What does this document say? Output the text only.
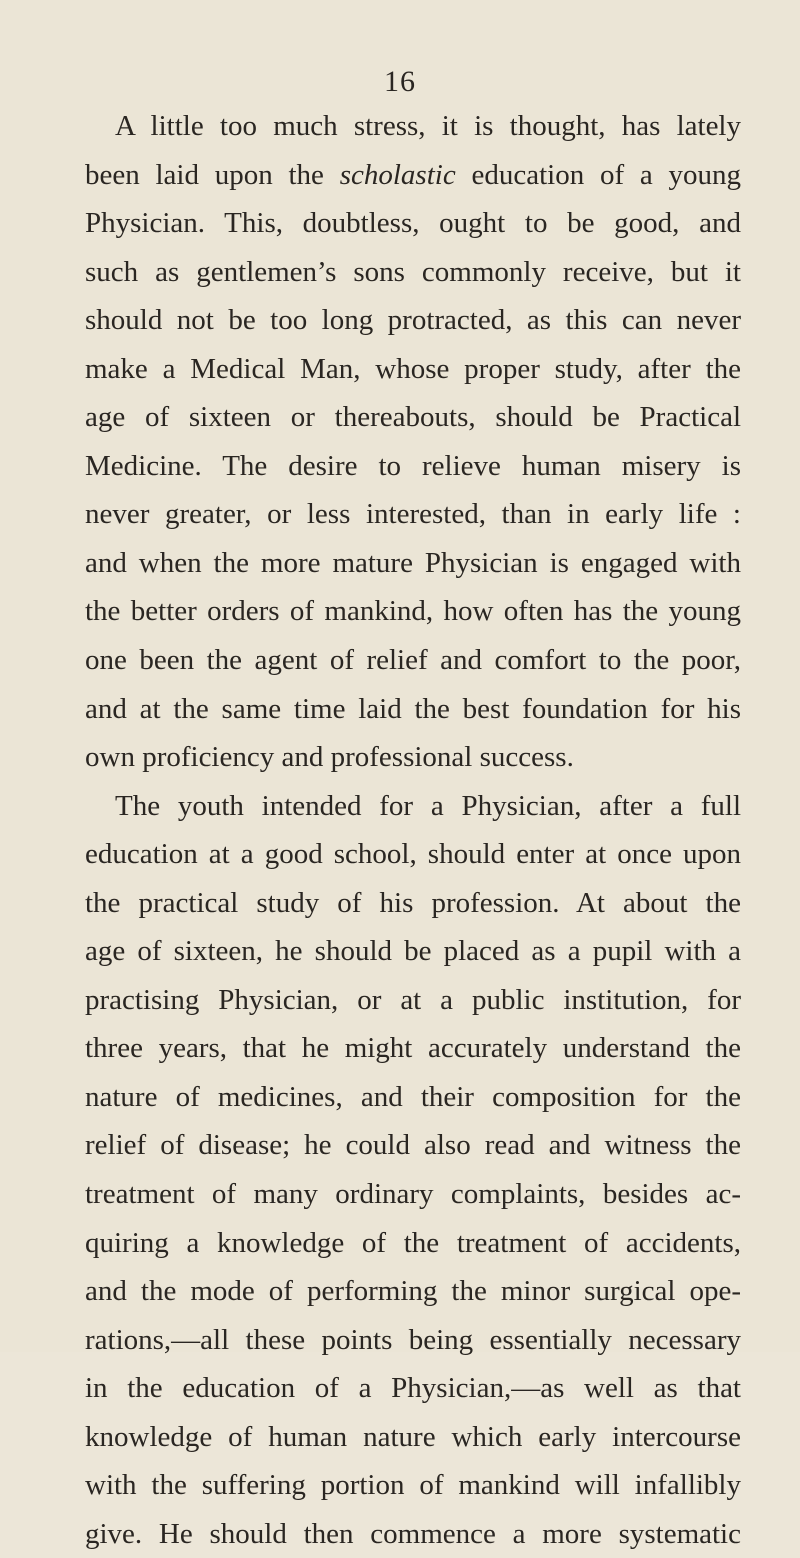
16
A little too much stress, it is thought, has lately
been laid upon the scholastic education of a young
Physician. This, doubtless, ought to be good, and
such as gentlemen’s sons commonly receive, but it
should not be too long protracted, as this can never
make a Medical Man, whose proper study, after the
age of sixteen or thereabouts, should be Practical
Medicine. The desire to relieve human misery is
never greater, or less interested, than in early life :
and when the more mature Physician is engaged with
the better orders of mankind, how often has the young
one been the agent of relief and comfort to the poor,
and at the same time laid the best foundation for his
own proficiency and professional success.
The youth intended for a Physician, after a full
education at a good school, should enter at once upon
the practical study of his profession. At about the
age of sixteen, he should be placed as a pupil with a
practising Physician, or at a public institution, for
three years, that he might accurately understand the
nature of medicines, and their composition for the
relief of disease; he could also read and witness the
treatment of many ordinary complaints, besides ac-
quiring a knowledge of the treatment of accidents,
and the mode of performing the minor surgical ope-
rations,—all these points being essentially necessary
in the education of a Physician,—as well as that
knowledge of human nature which early intercourse
with the suffering portion of mankind will infallibly
give. He should then commence a more systematic
